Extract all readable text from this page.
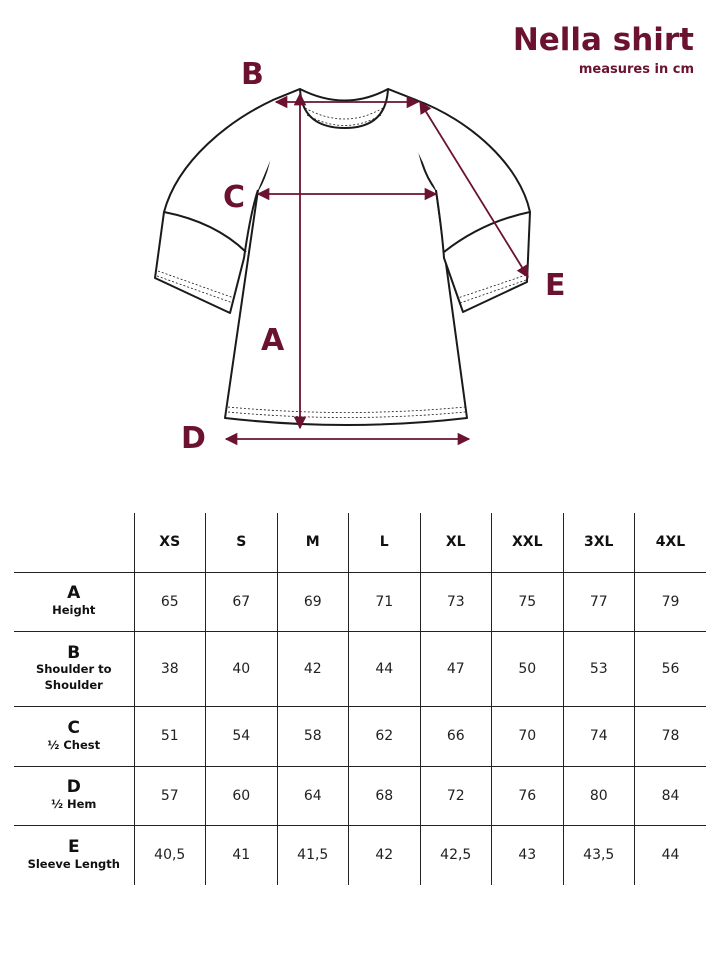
Nella shirt
measures in cm
B
C
A
D
E
	XS	S	M	L	XL	XXL	3XL	4XL

A
Height	65	67	69	71	73	75	77	79

B
Shoulder to Shoulder	38	40	42	44	47	50	53	56

C
½ Chest	51	54	58	62	66	70	74	78

D
½ Hem	57	60	64	68	72	76	80	84

E
Sleeve Length	40,5	41	41,5	42	42,5	43	43,5	44
